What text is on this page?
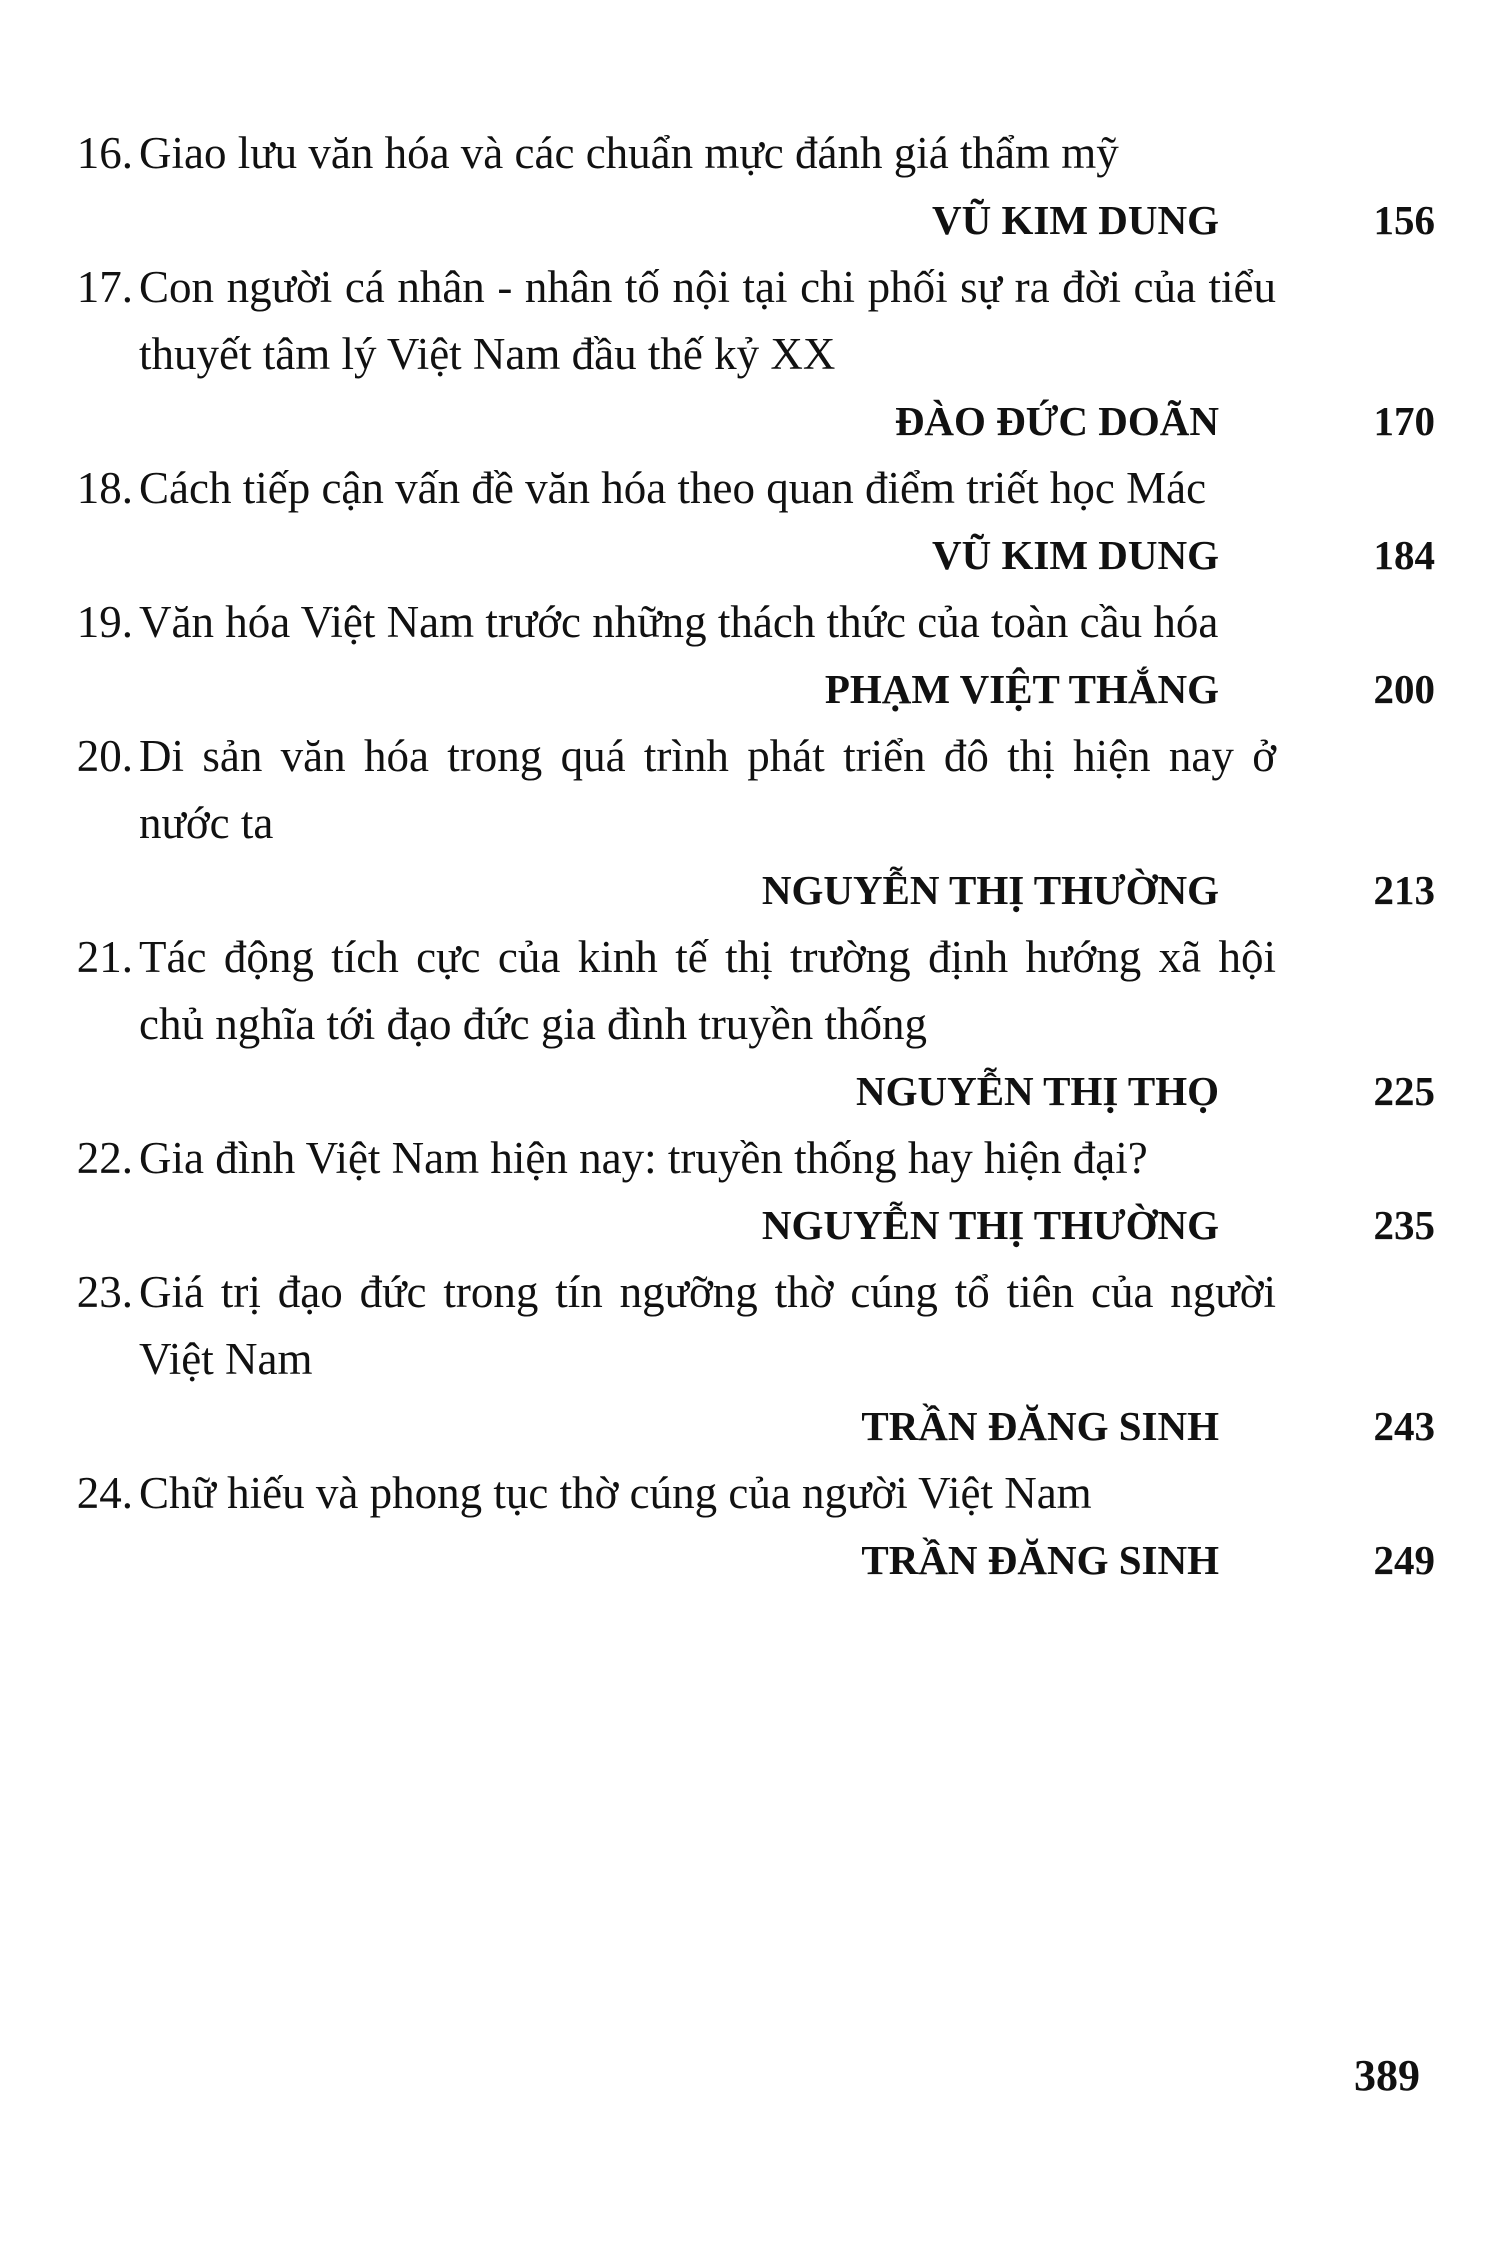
16. Giao lưu văn hóa và các chuẩn mực đánh giá thẩm mỹ
VŨ KIM DUNG	156
17. Con người cá nhân - nhân tố nội tại chi phối sự ra đời của tiểu thuyết tâm lý Việt Nam đầu thế kỷ XX
ĐÀO ĐỨC DOÃN	170
18. Cách tiếp cận vấn đề văn hóa theo quan điểm triết học Mác
VŨ KIM DUNG	184
19. Văn hóa Việt Nam trước những thách thức của toàn cầu hóa
PHẠM VIỆT THẮNG	200
20. Di sản văn hóa trong quá trình phát triển đô thị hiện nay ở nước ta
NGUYỄN THỊ THƯỜNG	213
21. Tác động tích cực của kinh tế thị trường định hướng xã hội chủ nghĩa tới đạo đức gia đình truyền thống
NGUYỄN THỊ THỌ	225
22. Gia đình Việt Nam hiện nay: truyền thống hay hiện đại?
NGUYỄN THỊ THƯỜNG	235
23. Giá trị đạo đức trong tín ngưỡng thờ cúng tổ tiên của người Việt Nam
TRẦN ĐĂNG SINH	243
24. Chữ hiếu và phong tục thờ cúng của người Việt Nam
TRẦN ĐĂNG SINH	249
389
